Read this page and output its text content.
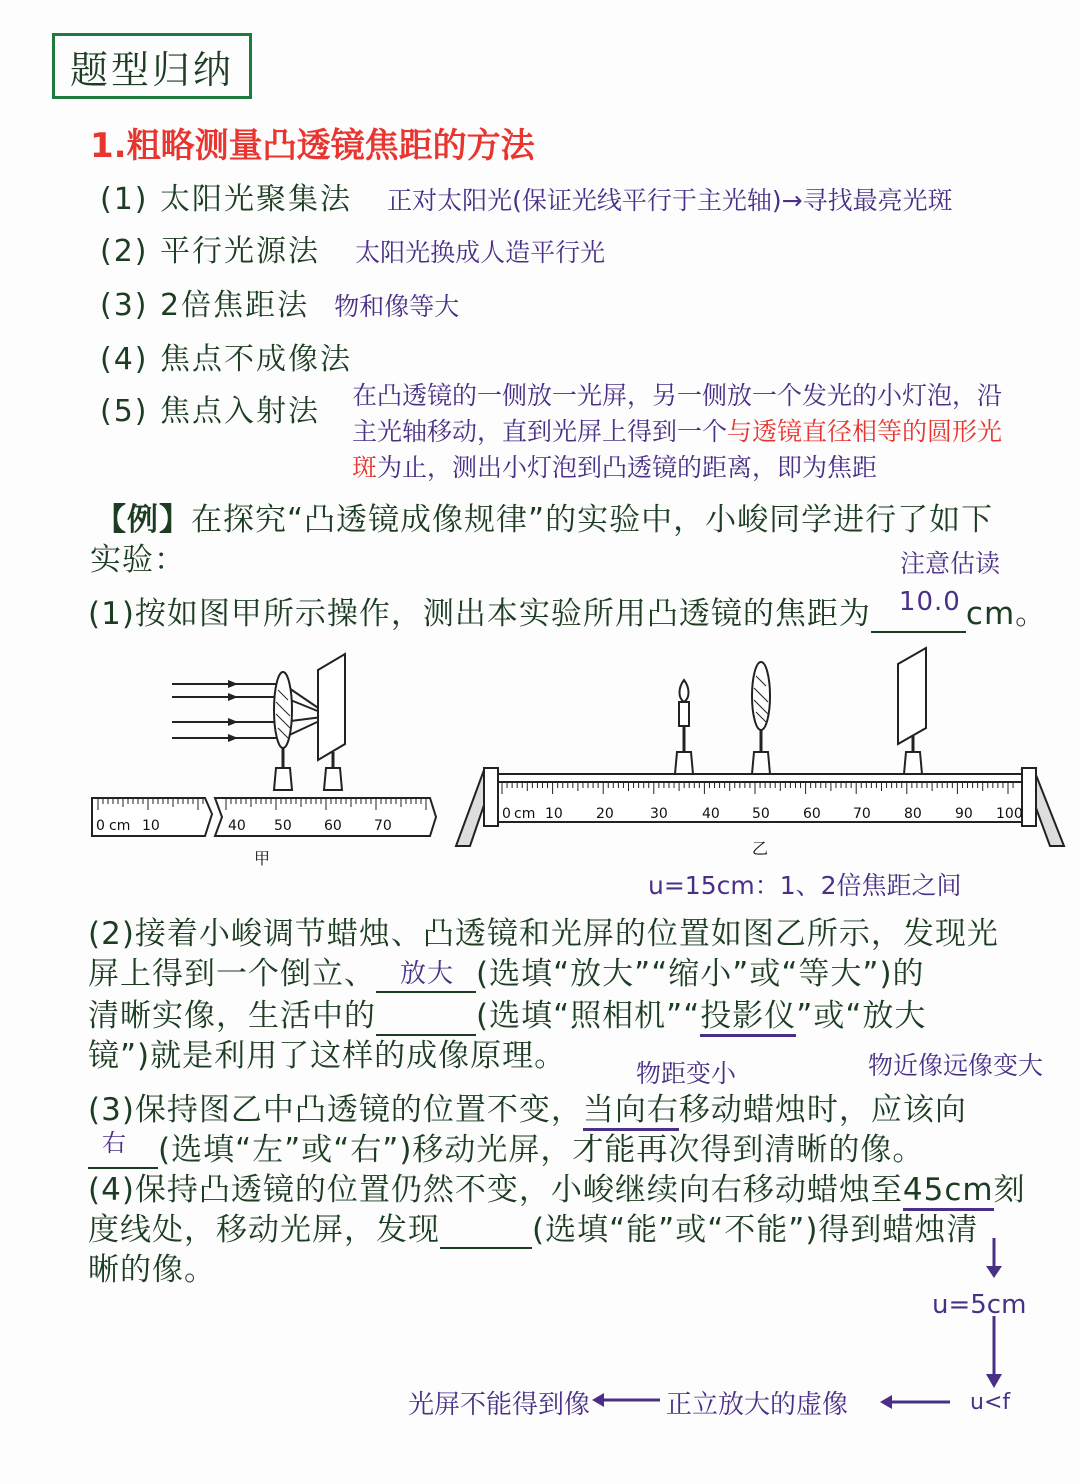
题型归纳
1.粗略测量凸透镜焦距的方法
(1) 太阳光聚集法 正对太阳光(保证光线平行于主光轴)→寻找最亮光斑
(2) 平行光源法 太阳光换成人造平行光
(3) 2倍焦距法 物和像等大
(4) 焦点不成像法
(5) 焦点入射法 在凸透镜的一侧放一光屏，另一侧放一个发光的小灯泡，沿
主光轴移动，直到光屏上得到一个与透镜直径相等的圆形光
斑为止，测出小灯泡到凸透镜的距离，即为焦距
【例】在探究“凸透镜成像规律”的实验中，小峻同学进行了如下
实验：	注意估读
(1)按如图甲所示操作，测出本实验所用凸透镜的焦距为 10.0 cm。
0 cm 10	40 50 60 70
甲
0 cm 10 20	30 40 50 60 70 80 90 100
乙
u=15cm：1、2倍焦距之间
(2)接着小峻调节蜡烛、凸透镜和光屏的位置如图乙所示，发现光
屏上得到一个倒立、 放大 (选填“放大”“缩小”或“等大”)的
清晰实像，生活中的	(选填“照相机”“投影仪”或“放大
镜”)就是利用了这样的成像原理。	物距变小	物近像远像变大
(3)保持图乙中凸透镜的位置不变，当向右移动蜡烛时，应该向
右 (选填“左”或“右”)移动光屏，才能再次得到清晰的像。
(4)保持凸透镜的位置仍然不变，小峻继续向右移动蜡烛至45cm刻
度线处，移动光屏，发现	(选填“能”或“不能”)得到蜡烛清
晰的像。
u=5cm
u<f
正立放大的虚像
光屏不能得到像
